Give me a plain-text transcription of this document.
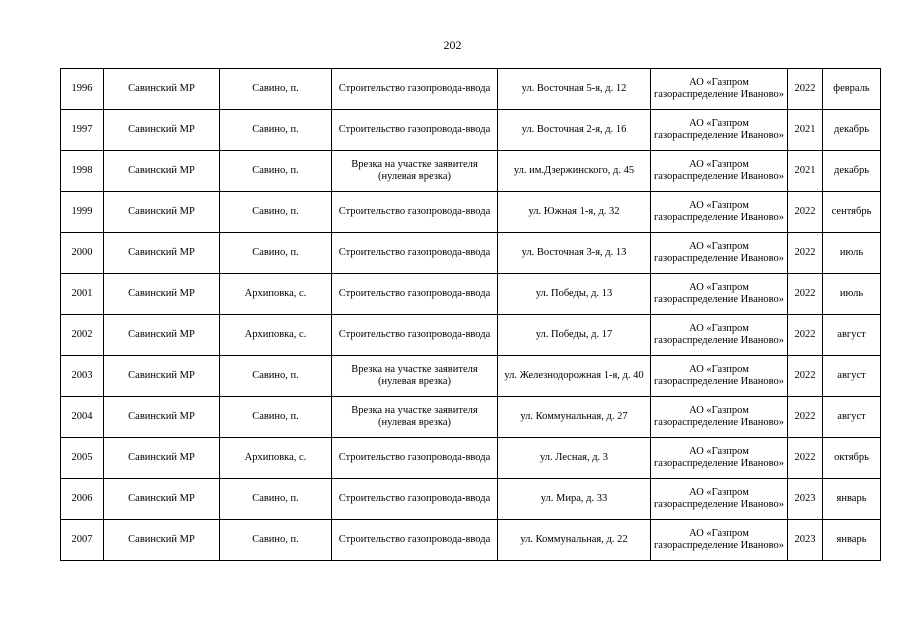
202
1996	Савинский МР	Савино, п.	Строительство газопровода-ввода	ул. Восточная 5-я, д. 12	АО «Газпром газораспределение Иваново»	2022	февраль
1997	Савинский МР	Савино, п.	Строительство газопровода-ввода	ул. Восточная 2-я, д. 16	АО «Газпром газораспределение Иваново»	2021	декабрь
1998	Савинский МР	Савино, п.	Врезка на участке заявителя (нулевая врезка)	ул. им.Дзержинского, д. 45	АО «Газпром газораспределение Иваново»	2021	декабрь
1999	Савинский МР	Савино, п.	Строительство газопровода-ввода	ул. Южная 1-я, д. 32	АО «Газпром газораспределение Иваново»	2022	сентябрь
2000	Савинский МР	Савино, п.	Строительство газопровода-ввода	ул. Восточная 3-я, д. 13	АО «Газпром газораспределение Иваново»	2022	июль
2001	Савинский МР	Архиповка, с.	Строительство газопровода-ввода	ул. Победы, д. 13	АО «Газпром газораспределение Иваново»	2022	июль
2002	Савинский МР	Архиповка, с.	Строительство газопровода-ввода	ул. Победы, д. 17	АО «Газпром газораспределение Иваново»	2022	август
2003	Савинский МР	Савино, п.	Врезка на участке заявителя (нулевая врезка)	ул. Железнодорожная 1-я, д. 40	АО «Газпром газораспределение Иваново»	2022	август
2004	Савинский МР	Савино, п.	Врезка на участке заявителя (нулевая врезка)	ул. Коммунальная, д. 27	АО «Газпром газораспределение Иваново»	2022	август
2005	Савинский МР	Архиповка, с.	Строительство газопровода-ввода	ул. Лесная, д. 3	АО «Газпром газораспределение Иваново»	2022	октябрь
2006	Савинский МР	Савино, п.	Строительство газопровода-ввода	ул. Мира, д. 33	АО «Газпром газораспределение Иваново»	2023	январь
2007	Савинский МР	Савино, п.	Строительство газопровода-ввода	ул. Коммунальная, д. 22	АО «Газпром газораспределение Иваново»	2023	январь
